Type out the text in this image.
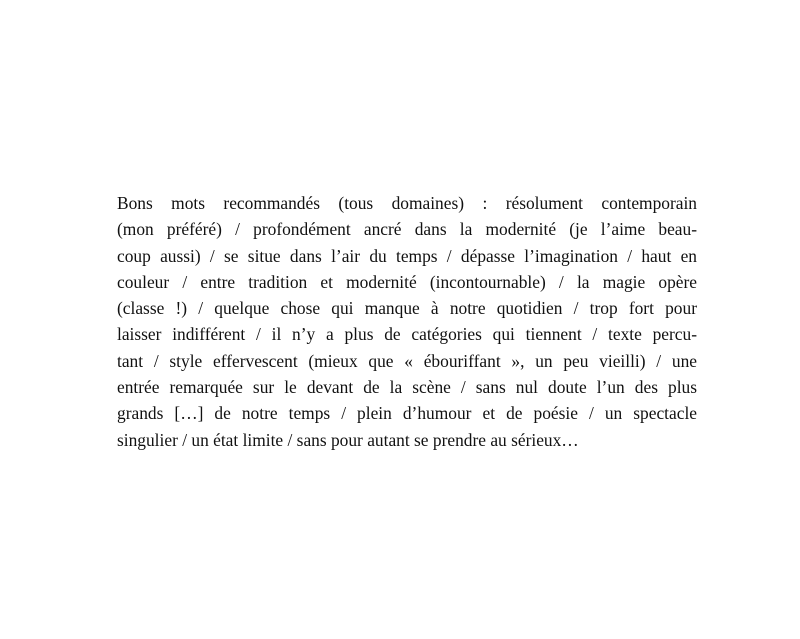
Bons mots recommandés (tous domaines) : résolument contemporain
(mon préféré) / profondément ancré dans la modernité (je l’aime beau-
coup aussi) / se situe dans l’air du temps / dépasse l’imagination / haut en
couleur / entre tradition et modernité (incontournable) / la magie opère
(classe !) / quelque chose qui manque à notre quotidien / trop fort pour
laisser indifférent / il n’y a plus de catégories qui tiennent / texte percu-
tant / style effervescent (mieux que « ébouriffant », un peu vieilli) / une
entrée remarquée sur le devant de la scène / sans nul doute l’un des plus
grands […] de notre temps / plein d’humour et de poésie / un spectacle
singulier / un état limite / sans pour autant se prendre au sérieux…
